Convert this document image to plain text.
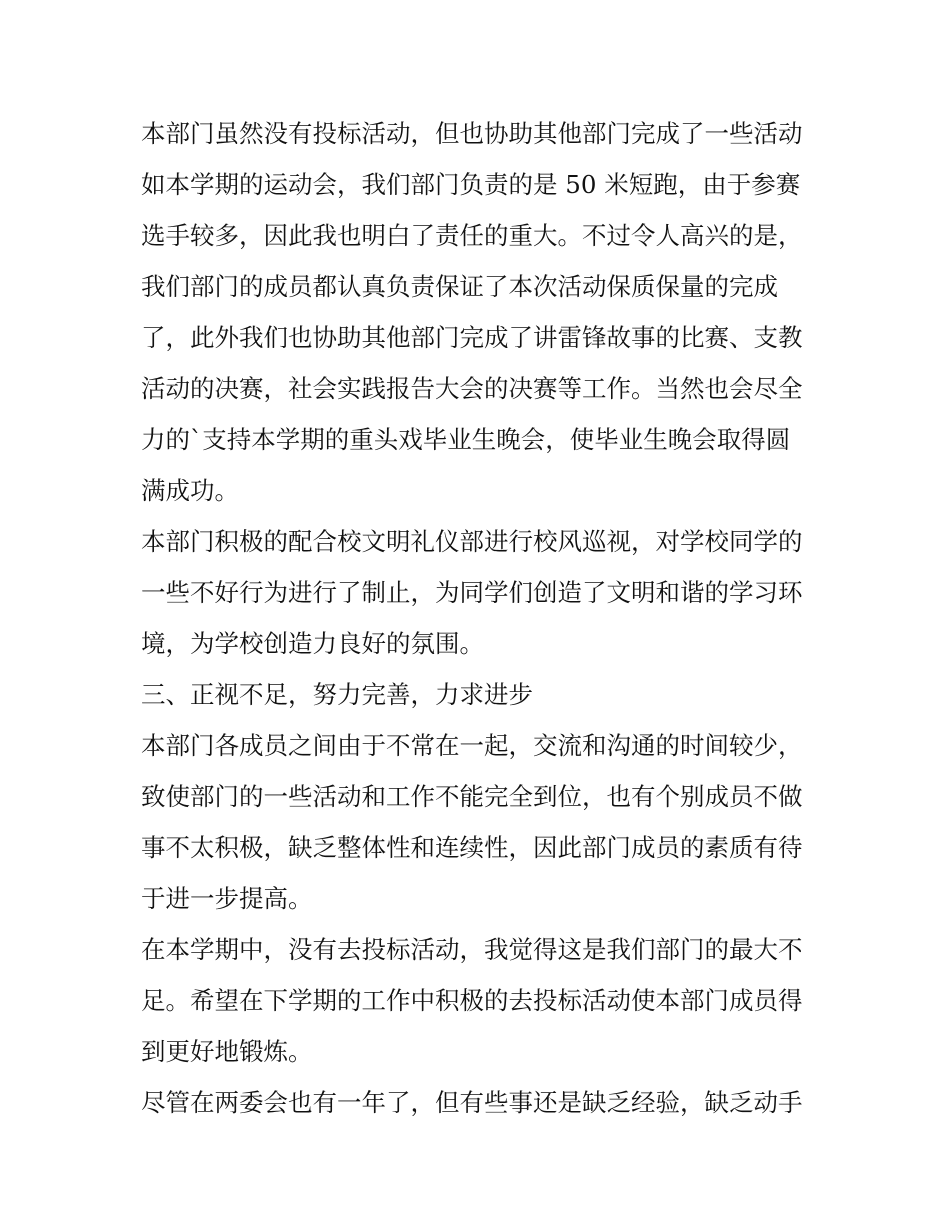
本部门虽然没有投标活动，但也协助其他部门完成了一些活动
如本学期的运动会，我们部门负责的是 50 米短跑，由于参赛
选手较多，因此我也明白了责任的重大。不过令人高兴的是，
我们部门的成员都认真负责保证了本次活动保质保量的完成
了，此外我们也协助其他部门完成了讲雷锋故事的比赛、支教
活动的决赛，社会实践报告大会的决赛等工作。当然也会尽全
力的`支持本学期的重头戏毕业生晚会，使毕业生晚会取得圆
满成功。
本部门积极的配合校文明礼仪部进行校风巡视，对学校同学的
一些不好行为进行了制止，为同学们创造了文明和谐的学习环
境，为学校创造力良好的氛围。
三、正视不足，努力完善，力求进步
本部门各成员之间由于不常在一起，交流和沟通的时间较少，
致使部门的一些活动和工作不能完全到位，也有个别成员不做
事不太积极，缺乏整体性和连续性，因此部门成员的素质有待
于进一步提高。
在本学期中，没有去投标活动，我觉得这是我们部门的最大不
足。希望在下学期的工作中积极的去投标活动使本部门成员得
到更好地锻炼。
尽管在两委会也有一年了，但有些事还是缺乏经验，缺乏动手
